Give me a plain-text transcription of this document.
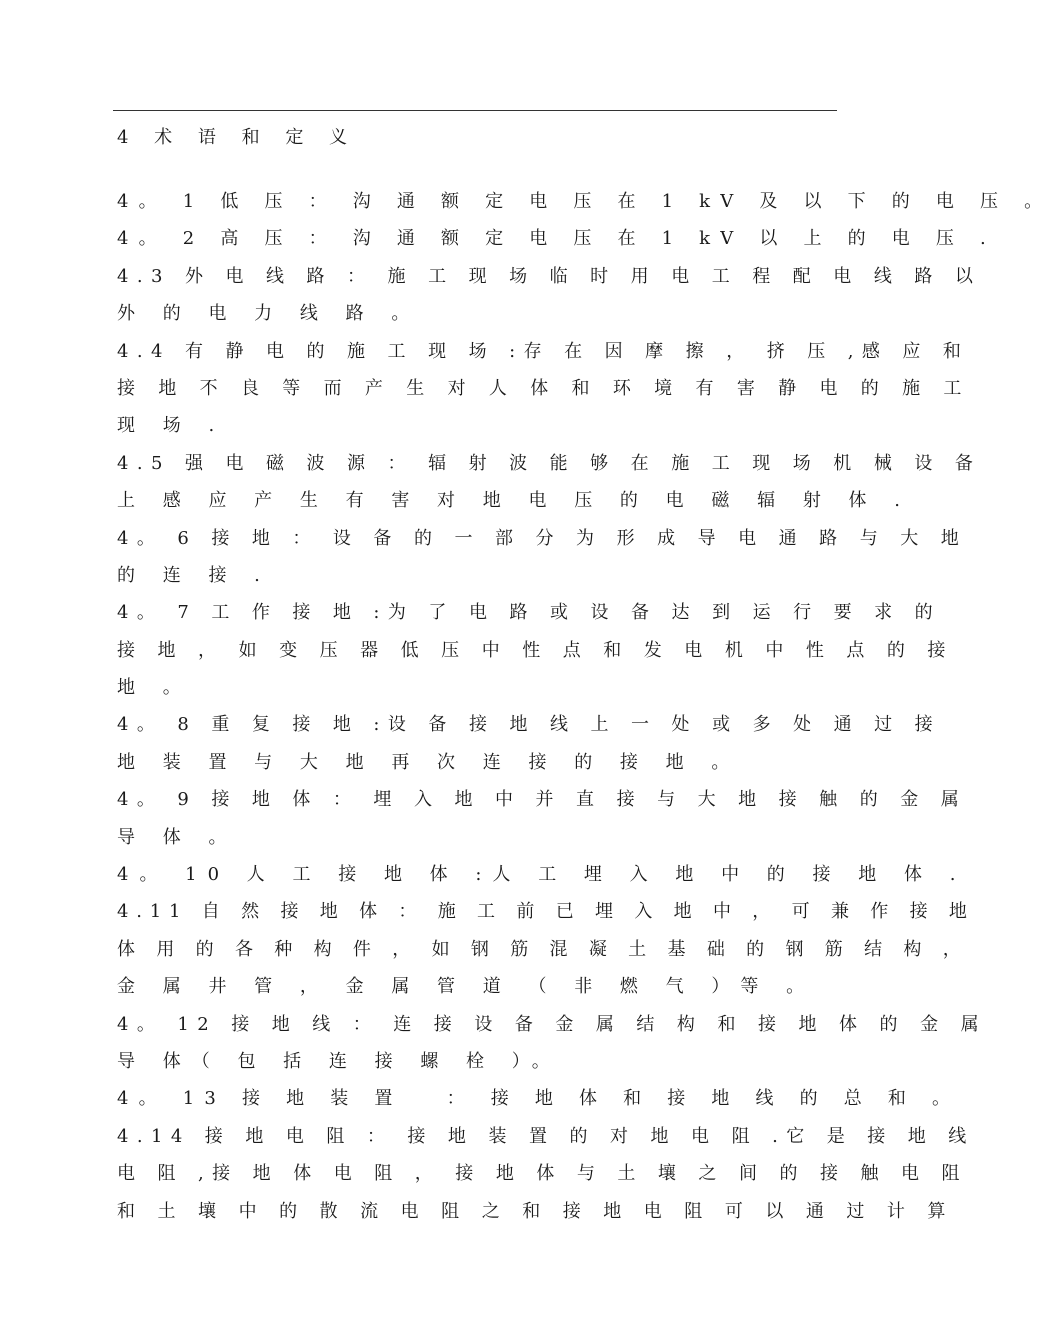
4 术 语 和 定 义
4。 1 低 压 ： 沟 通 额 定 电 压 在 1 kV 及 以 下 的 电 压 。
4。 2 高 压 ： 沟 通 额 定 电 压 在 1 kV 以 上 的 电 压 .
4.3 外 电 线 路 ： 施 工 现 场 临 时 用 电 工 程 配 电 线 路 以
外 的 电 力 线 路 。
4.4 有 静 电 的 施 工 现 场 :存 在 因 摩 擦 ， 挤 压 ,感 应 和
接 地 不 良 等 而 产 生 对 人 体 和 环 境 有 害 静 电 的 施 工
现 场 .
4.5 强 电 磁 波 源 ： 辐 射 波 能 够 在 施 工 现 场 机 械 设 备
上 感 应 产 生 有 害 对 地 电 压 的 电 磁 辐 射 体 .
4。 6 接 地 ： 设 备 的 一 部 分 为 形 成 导 电 通 路 与 大 地
的 连 接 .
4。 7 工 作 接 地 :为 了 电 路 或 设 备 达 到 运 行 要 求 的
接 地 ， 如 变 压 器 低 压 中 性 点 和 发 电 机 中 性 点 的 接
地 。
4。 8 重 复 接 地 :设 备 接 地 线 上 一 处 或 多 处 通 过 接
地 装 置 与 大 地 再 次 连 接 的 接 地 。
4。 9 接 地 体 ： 埋 入 地 中 并 直 接 与 大 地 接 触 的 金 属
导 体 。
4。 10 人 工 接 地 体 :人 工 埋 入 地 中 的 接 地 体 .
4.11 自 然 接 地 体 ： 施 工 前 已 埋 入 地 中 ， 可 兼 作 接 地
体 用 的 各 种 构 件 ， 如 钢 筋 混 凝 土 基 础 的 钢 筋 结 构 ，
金 属 井 管 ， 金 属 管 道 （ 非 燃 气 ）等 。
4。 12 接 地 线 ： 连 接 设 备 金 属 结 构 和 接 地 体 的 金 属
导 体（ 包 括 连 接 螺 栓 ）。
4。 13 接 地 装 置　 ： 接 地 体 和 接 地 线 的 总 和 。
4.14 接 地 电 阻 ： 接 地 装 置 的 对 地 电 阻 .它 是 接 地 线
电 阻 ,接 地 体 电 阻 ， 接 地 体 与 土 壤 之 间 的 接 触 电 阻
和 土 壤 中 的 散 流 电 阻 之 和 接 地 电 阻 可 以 通 过 计 算
